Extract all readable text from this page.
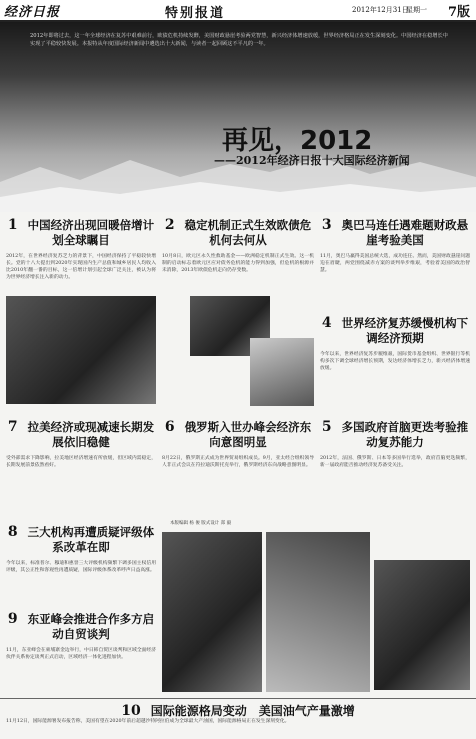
经济日报	特别报道	2012年12月31日
星期一 7版
2012年即将过去，这一年全球经济在复苏中艰难前行，欧债危机持续发酵，美国财政悬崖考验两党智慧，新兴经济体增速放缓，世界经济格局正在发生深刻变化。中国经济在稳增长中实现了平稳较快发展。本报特从年度国际经济新闻中遴选出十大新闻，与读者一起回顾这不平凡的一年。
再见，2012
——2012年经济日报十大国际经济新闻
1 中国经济出现回暖倍增计划全球瞩目
2012年，在世界经济复苏乏力的背景下，中国经济保持了平稳较快增长。党的十八大提出到2020年实现国内生产总值和城乡居民人均收入比2010年翻一番的目标，这一倍增计划引起全球广泛关注，被认为将为世界经济增长注入新的动力。
2 稳定机制正式生效欧债危机何去何从
10月8日，欧元区永久性救助基金——欧洲稳定机制正式生效。这一机制的启动标志着欧元区应对债务危机的能力得到加强，但危机的根源并未消除，2013年欧债危机走向仍存变数。
3 奥巴马连任遇难题财政悬崖考验美国
11月，奥巴马赢得美国总统大选，成功连任。然而，美国财政悬崖问题迫在眉睫，两党围绕减赤方案的谈判举步维艰，考验着美国的政治智慧。
4 世界经济复苏缓慢机构下调经济预期
今年以来，世界经济复苏步履维艰，国际货币基金组织、世界银行等机构多次下调全球经济增长预期，发达经济体增长乏力，新兴经济体增速放缓。
7 拉美经济或现减速长期发展依旧稳健
受外部需求下降影响，拉美地区经济增速有所放缓，但区域内需稳定，长期发展前景依然看好。
8 三大机构再遭质疑评级体系改革在即
今年以来，标准普尔、穆迪和惠誉三大评级机构频繁下调多国主权信用评级，其公正性和客观性再遭质疑，国际评级体系改革呼声日益高涨。
9 东亚峰会推进合作多方启动自贸谈判
11月，东亚峰会在柬埔寨金边举行，中日韩自贸区谈判和区域全面经济伙伴关系协定谈判正式启动，区域经济一体化进程加快。
6 俄罗斯入世办峰会经济东向意图明显
8月22日，俄罗斯正式成为世界贸易组织成员。9月，亚太经合组织领导人非正式会议在符拉迪沃斯托克举行，俄罗斯经济东向战略意图明显。
本版编辑 杨 俊 版式设计 郑 毅
5 多国政府首脑更迭考验推动复苏能力
2012年，法国、俄罗斯、日本等多国举行选举，政府首脑更迭频繁，新一届政府能否推动经济复苏备受关注。
10 国际能源格局变动　美国油气产量激增
11月12日，国际能源署发布报告称，美国有望在2020年前后超越沙特阿拉伯成为全球最大产油国，国际能源格局正在发生深刻变化。
